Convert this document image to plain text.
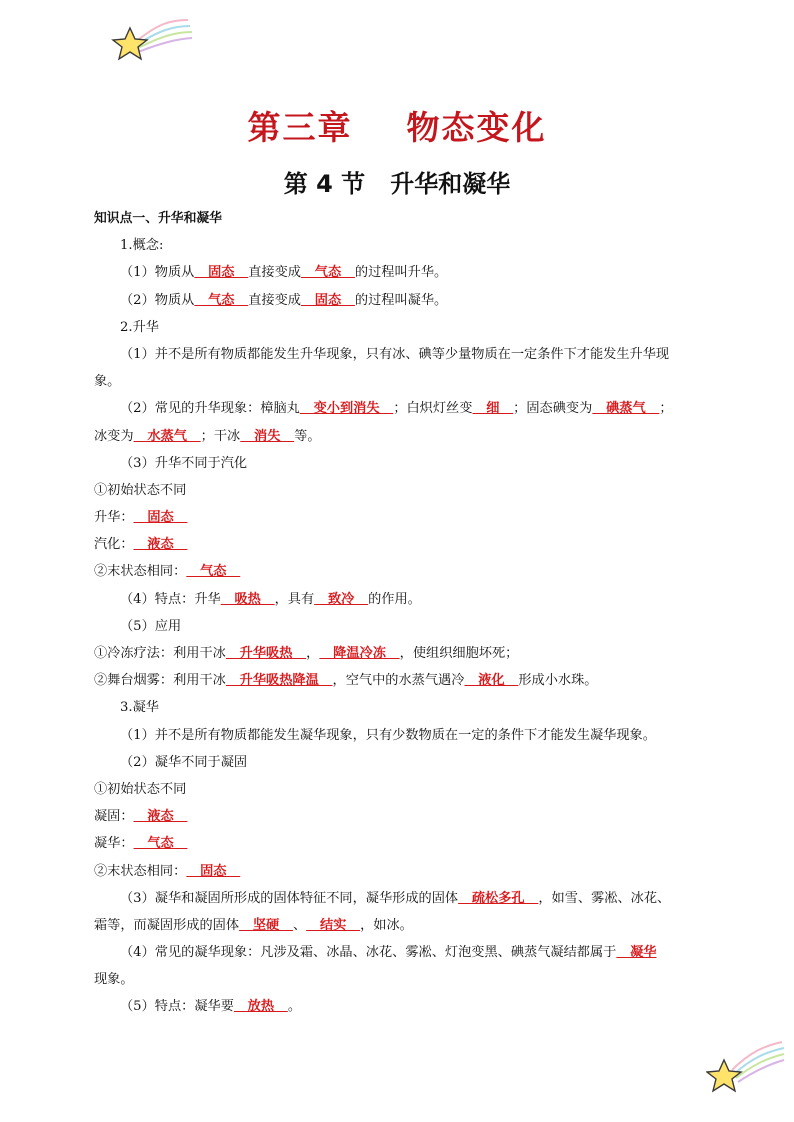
第三章    物态变化
第 4 节   升华和凝华
知识点一、升华和凝华
1.概念:
（1）物质从   固态   直接变成   气态   的过程叫升华。
（2）物质从   气态   直接变成   固态   的过程叫凝华。
2.升华
（1）并不是所有物质都能发生升华现象，只有冰、碘等少量物质在一定条件下才能发生升华现
象。
（2）常见的升华现象：樟脑丸   变小到消失   ；白炽灯丝变   细   ；固态碘变为   碘蒸气   ；
冰变为   水蒸气   ；干冰   消失   等。
（3）升华不同于汽化
①初始状态不同
升华：   固态
汽化：   液态
②末状态相同：   气态
（4）特点：升华   吸热   ，具有   致冷   的作用。
（5）应用
①冷冻疗法：利用干冰   升华吸热   ，   降温冷冻   ，使组织细胞坏死；
②舞台烟雾：利用干冰   升华吸热降温   ，空气中的水蒸气遇冷   液化   形成小水珠。
3.凝华
（1）并不是所有物质都能发生凝华现象，只有少数物质在一定的条件下才能发生凝华现象。
（2）凝华不同于凝固
①初始状态不同
凝固：   液态
凝华：   气态
②末状态相同：   固态
（3）凝华和凝固所形成的固体特征不同，凝华形成的固体   疏松多孔   ，如雪、雾凇、冰花、
霜等，而凝固形成的固体   坚硬   、   结实   ，如冰。
（4）常见的凝华现象：凡涉及霜、冰晶、冰花、雾凇、灯泡变黑、碘蒸气凝结都属于   凝华
现象。
（5）特点：凝华要   放热   。
